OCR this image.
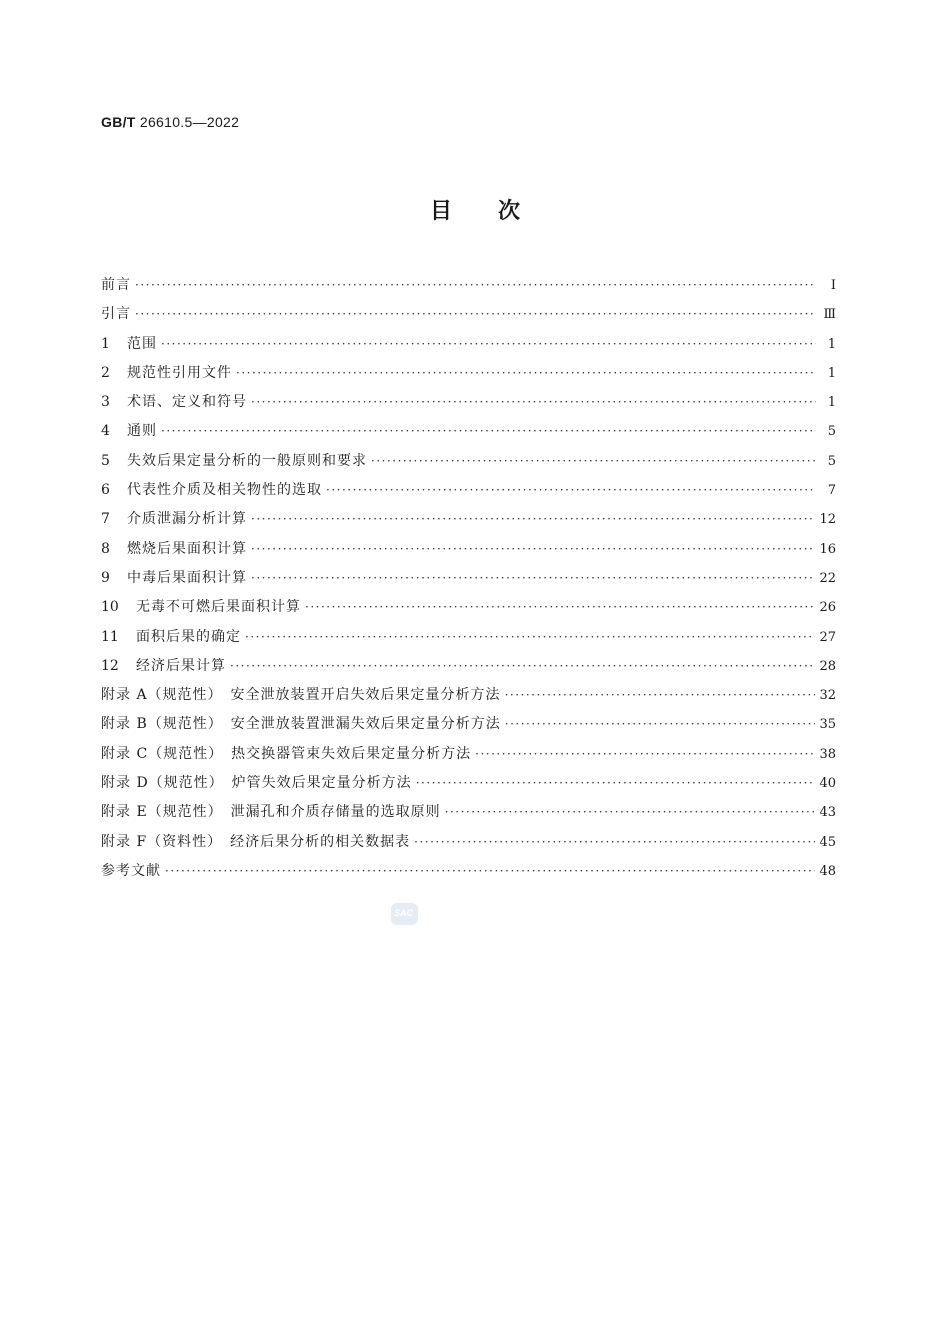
GB/T 26610.5—2022
目次
前言 ·····	Ⅰ
引言 ·····	Ⅲ
1	范围 ·····	1
2	规范性引用文件 ·····	1
3	术语、定义和符号 ·····	1
4	通则 ·····	5
5	失效后果定量分析的一般原则和要求 ·····	5
6	代表性介质及相关物性的选取 ·····	7
7	介质泄漏分析计算 ·····	12
8	燃烧后果面积计算 ·····	16
9	中毒后果面积计算 ·····	22
10	无毒不可燃后果面积计算 ·····	26
11	面积后果的确定 ·····	27
12	经济后果计算 ·····	28
附录 A（规范性）　安全泄放装置开启失效后果定量分析方法 ·····	32
附录 B（规范性）　安全泄放装置泄漏失效后果定量分析方法 ·····	35
附录 C（规范性）　热交换器管束失效后果定量分析方法 ·····	38
附录 D（规范性）　炉管失效后果定量分析方法 ·····	40
附录 E（规范性）　泄漏孔和介质存储量的选取原则 ·····	43
附录 F（资料性）　经济后果分析的相关数据表 ·····	45
参考文献 ·····	48
SAC
